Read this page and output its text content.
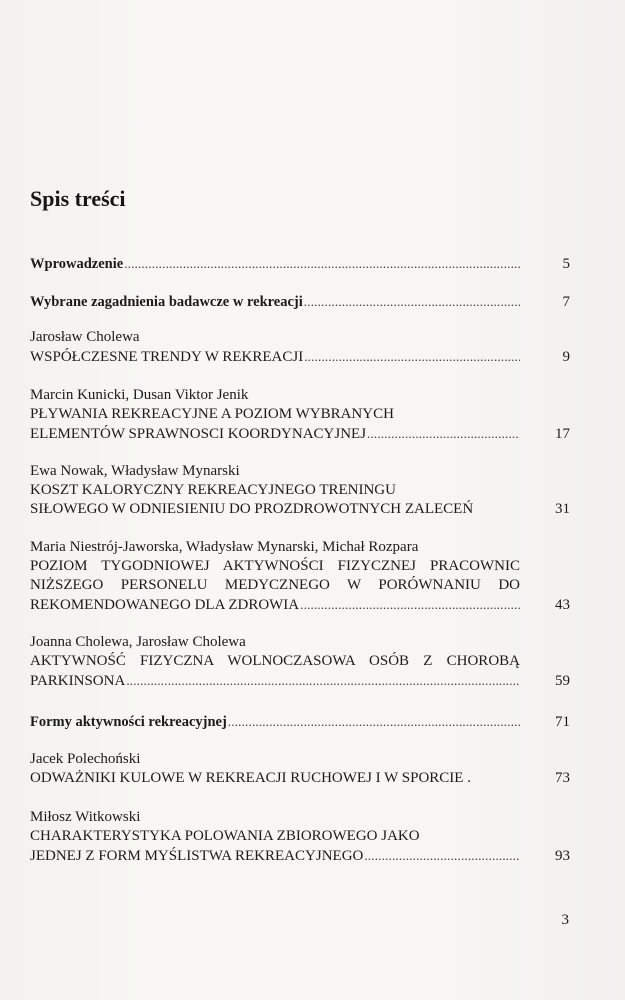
Spis treści
Wprowadzenie .....	5
Wybrane zagadnienia badawcze w rekreacji .....	7
Jarosław Cholewa
WSPÓŁCZESNE TRENDY W REKREACJI .....	9
Marcin Kunicki, Dusan Viktor Jenik
PŁYWANIA REKREACYJNE A POZIOM WYBRANYCH
ELEMENTÓW SPRAWNOSCI KOORDYNACYJNEJ .....	17
Ewa Nowak, Władysław Mynarski
KOSZT KALORYCZNY REKREACYJNEGO TRENINGU
SIŁOWEGO W ODNIESIENIU DO PROZDROWOTNYCH ZALECEŃ	31
Maria Niestrój-Jaworska, Władysław Mynarski, Michał Rozpara
POZIOM TYGODNIOWEJ AKTYWNOŚCI FIZYCZNEJ PRACOWNIC
NIŻSZEGO PERSONELU MEDYCZNEGO W PORÓWNANIU DO
REKOMENDOWANEGO DLA ZDROWIA .....	43
Joanna Cholewa, Jarosław Cholewa
AKTYWNOŚĆ FIZYCZNA WOLNOCZASOWA OSÓB Z CHOROBĄ
PARKINSONA .....	59
Formy aktywności rekreacyjnej .....	71
Jacek Polechoński
ODWAŻNIKI KULOWE W REKREACJI RUCHOWEJ I W SPORCIE .	73
Miłosz Witkowski
CHARAKTERYSTYKA POLOWANIA ZBIOROWEGO JAKO
JEDNEJ Z FORM MYŚLISTWA REKREACYJNEGO .....	93
3
